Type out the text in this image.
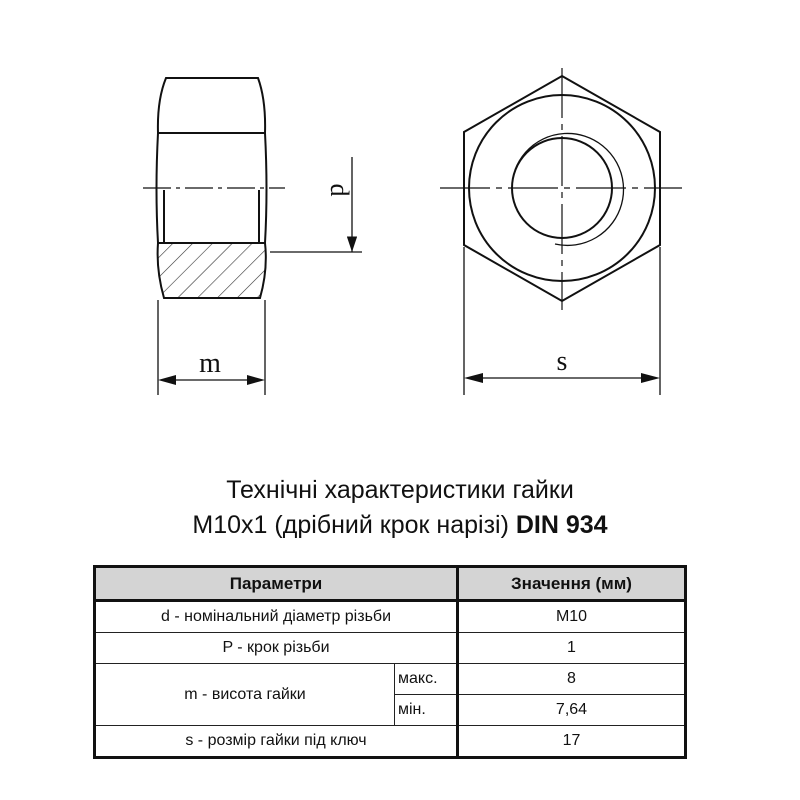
d
m	s
Технічні характеристики гайки
M10x1 (дрібний крок нарізі) DIN 934
Параметри		Значення (мм)
d - номінальний діаметр різьби		M10
P - крок різьби		1
m - висота гайки	макс.	8
	мін.	7,64
s - розмір гайки під ключ		17
